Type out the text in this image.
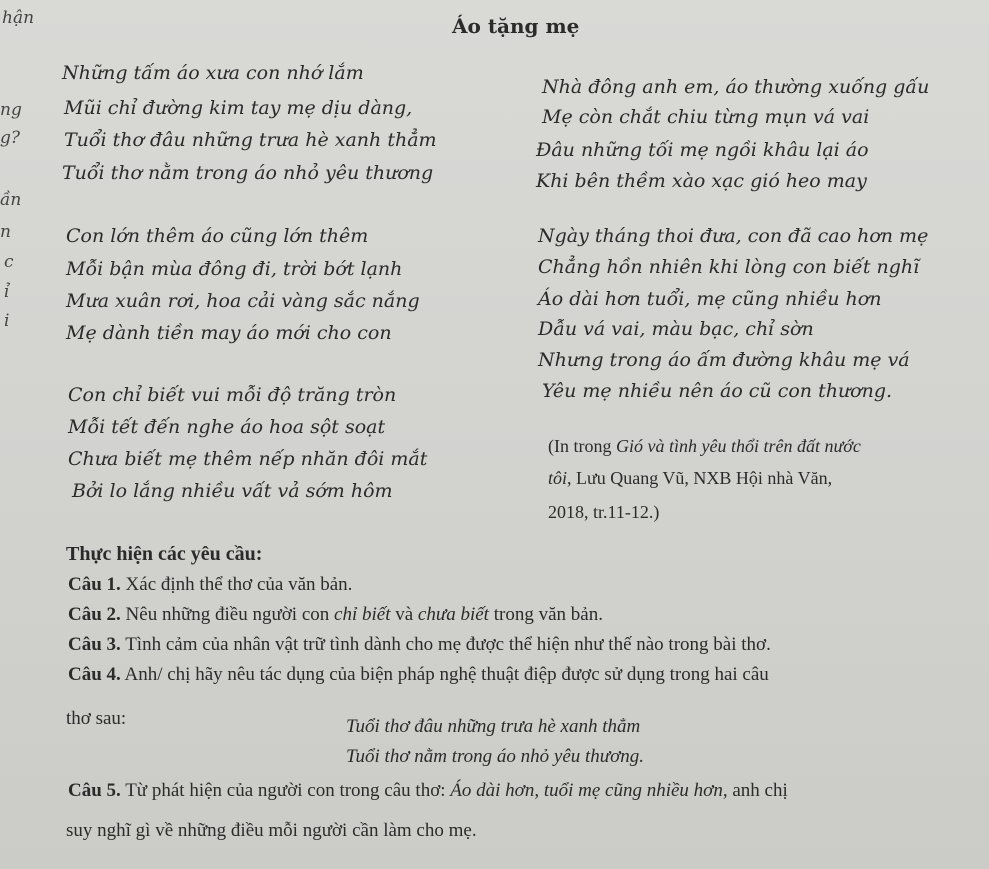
hận
ng
g?
ần
n
c
ỉ
i
Áo tặng mẹ
Những tấm áo xưa con nhớ lắm
Mũi chỉ đường kim tay mẹ dịu dàng,
Tuổi thơ đâu những trưa hè xanh thẳm
Tuổi thơ nằm trong áo nhỏ yêu thương
Nhà đông anh em, áo thường xuống gấu
Mẹ còn chắt chiu từng mụn vá vai
Đâu những tối mẹ ngồi khâu lại áo
Khi bên thềm xào xạc gió heo may
Con lớn thêm áo cũng lớn thêm
Mỗi bận mùa đông đi, trời bớt lạnh
Mưa xuân rơi, hoa cải vàng sắc nắng
Mẹ dành tiền may áo mới cho con
Ngày tháng thoi đưa, con đã cao hơn mẹ
Chẳng hồn nhiên khi lòng con biết nghĩ
Áo dài hơn tuổi, mẹ cũng nhiều hơn
Dẫu vá vai, màu bạc, chỉ sờn
Nhưng trong áo ấm đường khâu mẹ vá
Yêu mẹ nhiều nên áo cũ con thương.
Con chỉ biết vui mỗi độ trăng tròn
Mỗi tết đến nghe áo hoa sột soạt
Chưa biết mẹ thêm nếp nhăn đôi mắt
Bởi lo lắng nhiều vất vả sớm hôm
(In trong Gió và tình yêu thổi trên đất nước
tôi, Lưu Quang Vũ, NXB Hội nhà Văn,
2018, tr.11-12.)
Thực hiện các yêu cầu:
Câu 1. Xác định thể thơ của văn bản.
Câu 2. Nêu những điều người con chỉ biết và chưa biết trong văn bản.
Câu 3. Tình cảm của nhân vật trữ tình dành cho mẹ được thể hiện như thế nào trong bài thơ.
Câu 4. Anh/ chị hãy nêu tác dụng của biện pháp nghệ thuật điệp được sử dụng trong hai câu
thơ sau:	Tuổi thơ đâu những trưa hè xanh thẳm
Tuổi thơ nằm trong áo nhỏ yêu thương.
Câu 5. Từ phát hiện của người con trong câu thơ: Áo dài hơn, tuổi mẹ cũng nhiều hơn, anh chị
suy nghĩ gì về những điều mỗi người cần làm cho mẹ.
